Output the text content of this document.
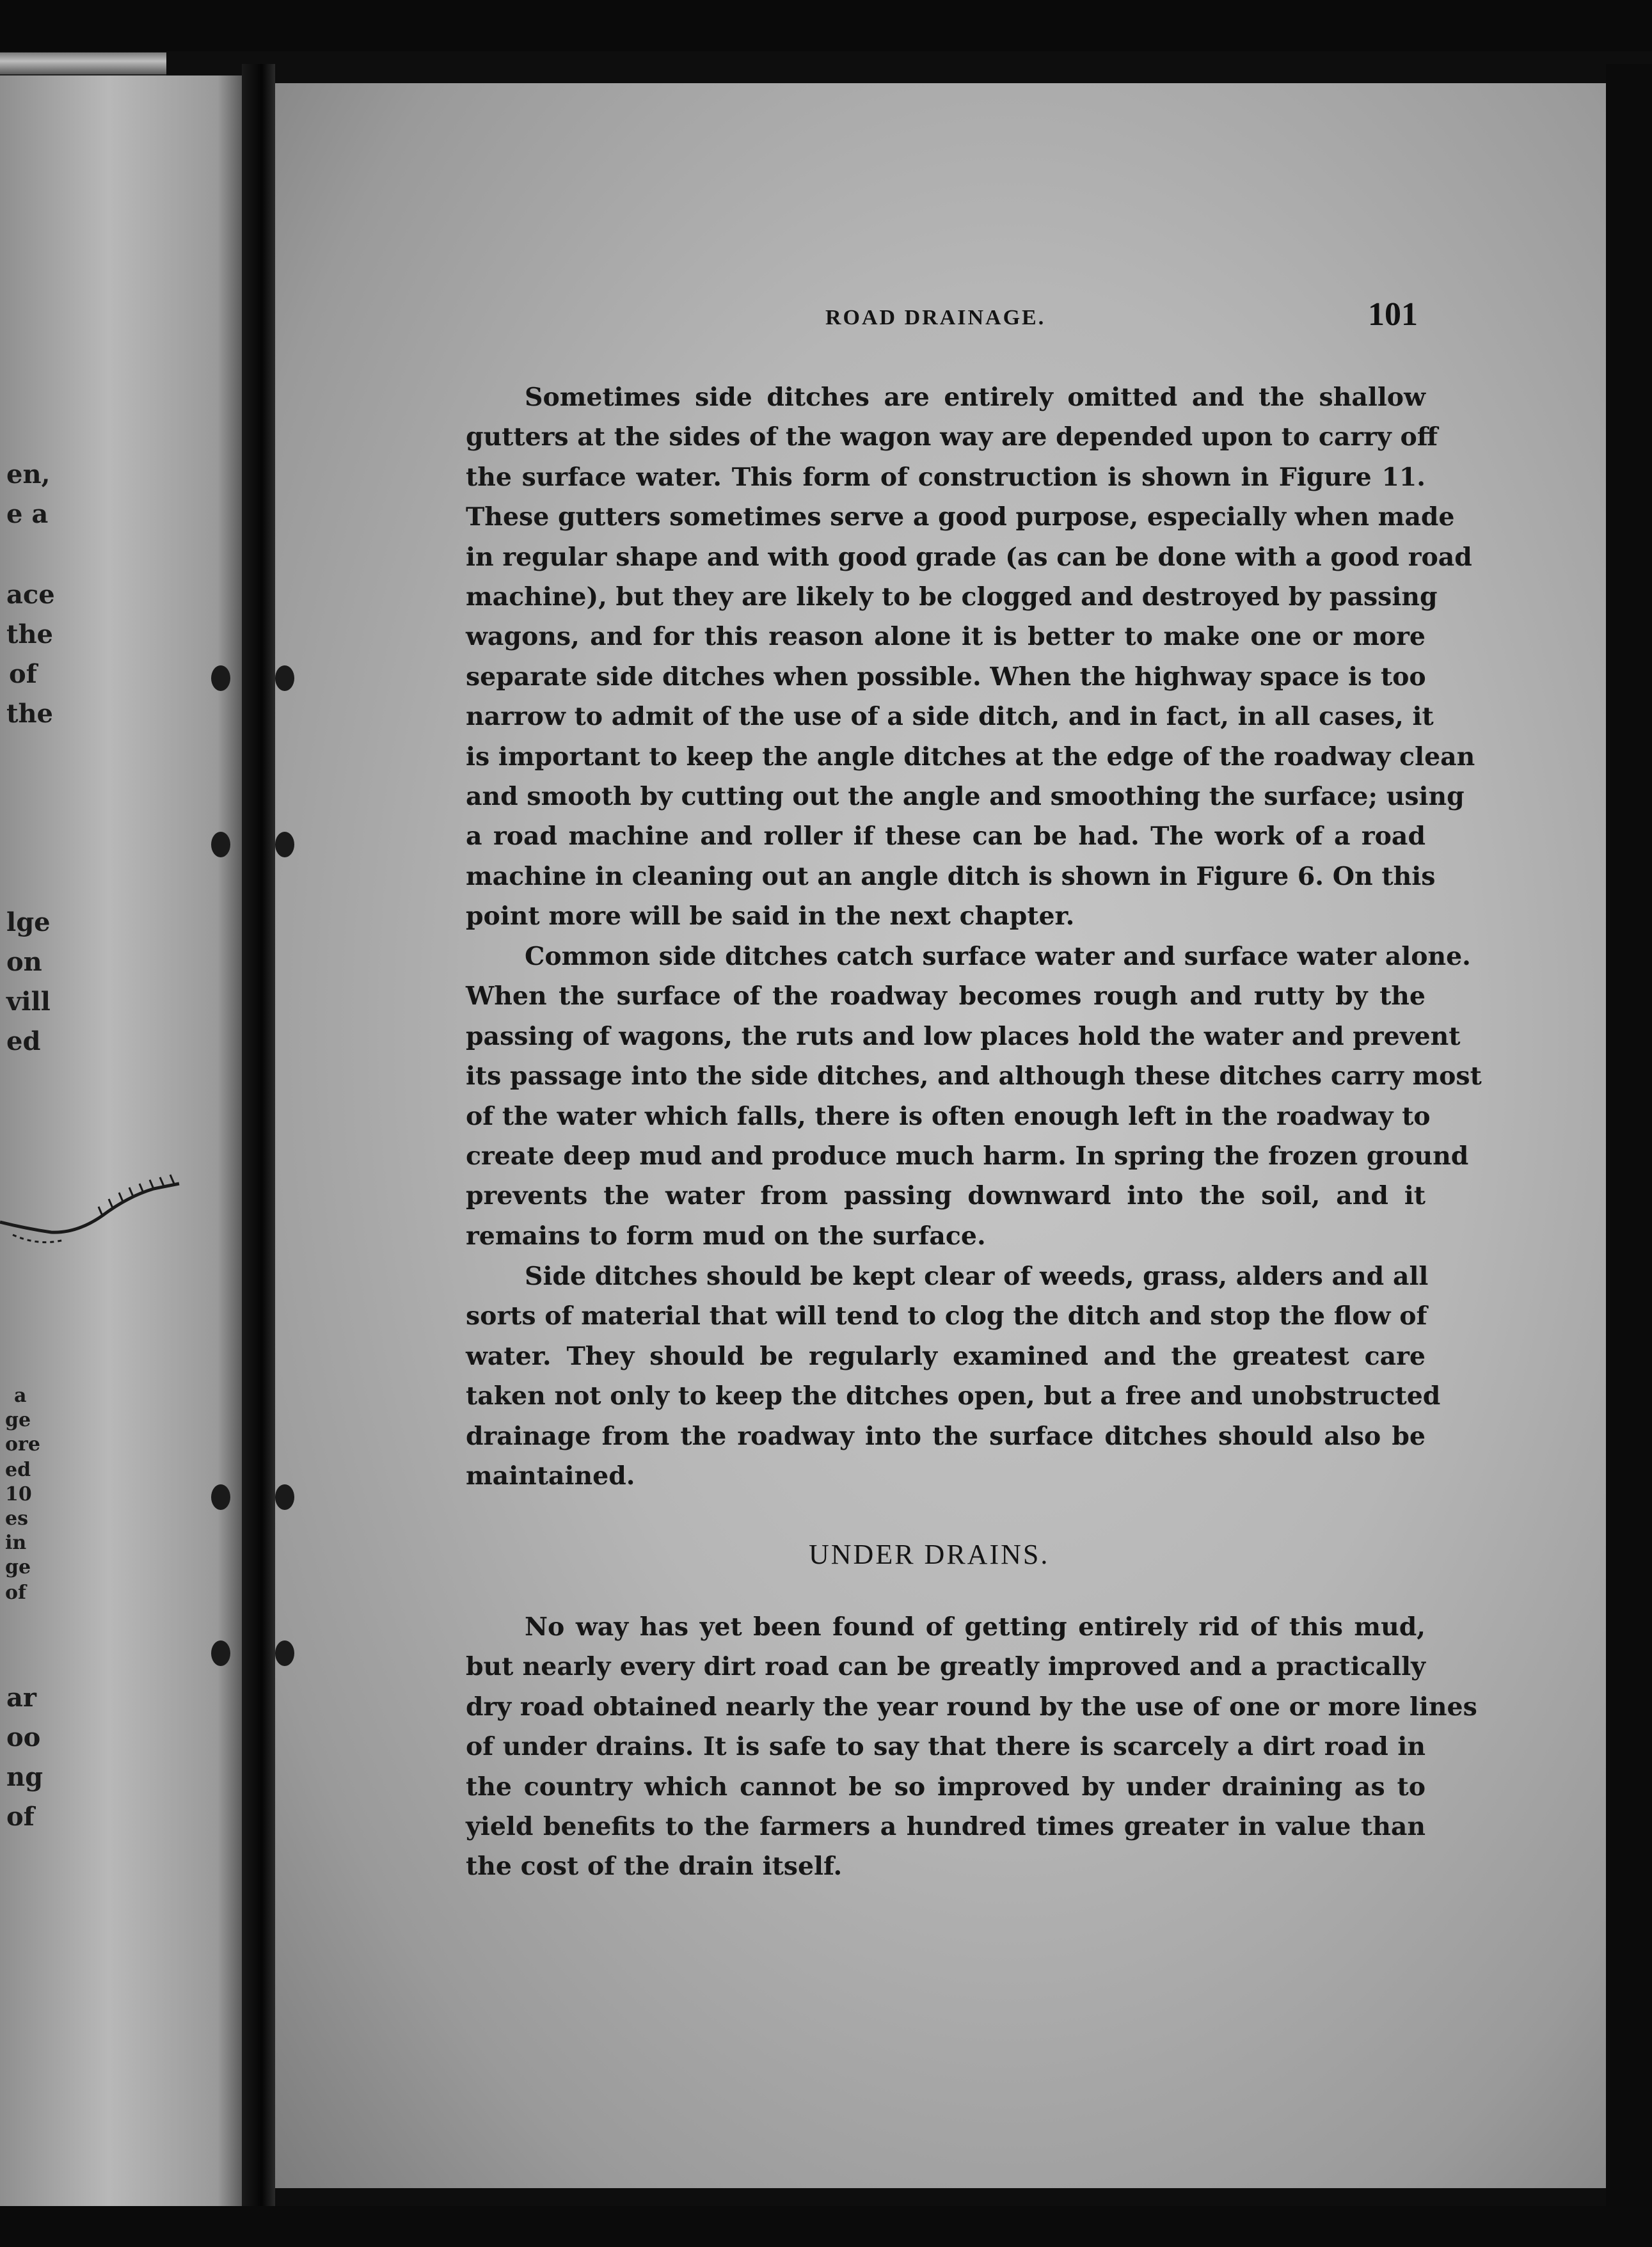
en,
e a
ace
the
of
the
lge
on
vill
ed
a
ge
ore
ed
10
es
in
ge
of
ar
oo
ng
of
ROAD DRAINAGE.	101
Sometimes side ditches are entirely omitted and the shallow
gutters at the sides of the wagon way are depended upon to carry off
the surface water. This form of construction is shown in Figure 11.
These gutters sometimes serve a good purpose, especially when made
in regular shape and with good grade (as can be done with a good road
machine), but they are likely to be clogged and destroyed by passing
wagons, and for this reason alone it is better to make one or more
separate side ditches when possible. When the highway space is too
narrow to admit of the use of a side ditch, and in fact, in all cases, it
is important to keep the angle ditches at the edge of the roadway clean
and smooth by cutting out the angle and smoothing the surface; using
a road machine and roller if these can be had. The work of a road
machine in cleaning out an angle ditch is shown in Figure 6. On this
point more will be said in the next chapter.
Common side ditches catch surface water and surface water alone.
When the surface of the roadway becomes rough and rutty by the
passing of wagons, the ruts and low places hold the water and prevent
its passage into the side ditches, and although these ditches carry most
of the water which falls, there is often enough left in the roadway to
create deep mud and produce much harm. In spring the frozen ground
prevents the water from passing downward into the soil, and it
remains to form mud on the surface.
Side ditches should be kept clear of weeds, grass, alders and all
sorts of material that will tend to clog the ditch and stop the flow of
water. They should be regularly examined and the greatest care
taken not only to keep the ditches open, but a free and unobstructed
drainage from the roadway into the surface ditches should also be
maintained.
UNDER DRAINS.
No way has yet been found of getting entirely rid of this mud,
but nearly every dirt road can be greatly improved and a practically
dry road obtained nearly the year round by the use of one or more lines
of under drains. It is safe to say that there is scarcely a dirt road in
the country which cannot be so improved by under draining as to
yield benefits to the farmers a hundred times greater in value than
the cost of the drain itself.
